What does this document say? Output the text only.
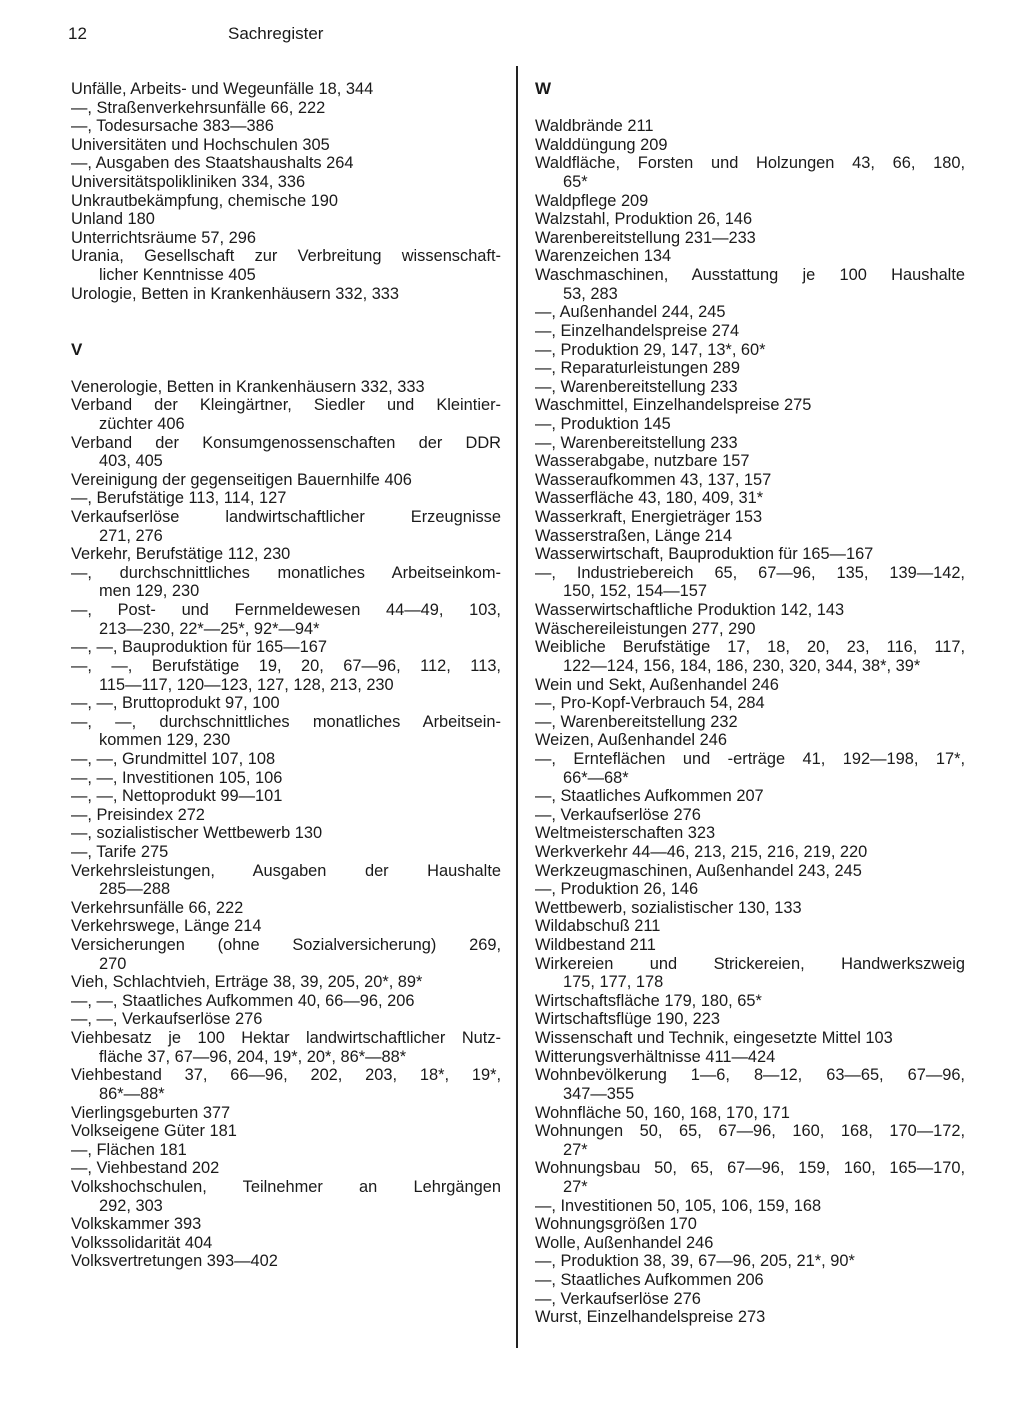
12	Sachregister
Unfälle, Arbeits- und Wegeunfälle 18, 344
—, Straßenverkehrsunfälle 66, 222
—, Todesursache 383—386
Universitäten und Hochschulen 305
—, Ausgaben des Staatshaushalts 264
Universitätspolikliniken 334, 336
Unkrautbekämpfung, chemische 190
Unland 180
Unterrichtsräume 57, 296
Urania, Gesellschaft zur Verbreitung wissenschaft-
licher Kenntnisse 405
Urologie, Betten in Krankenhäusern 332, 333
V
Venerologie, Betten in Krankenhäusern 332, 333
Verband der Kleingärtner, Siedler und Kleintier-
züchter 406
Verband der Konsumgenossenschaften der DDR
403, 405
Vereinigung der gegenseitigen Bauernhilfe 406
—, Berufstätige 113, 114, 127
Verkaufserlöse landwirtschaftlicher Erzeugnisse
271, 276
Verkehr, Berufstätige 112, 230
—, durchschnittliches monatliches Arbeitseinkom-
men 129, 230
—, Post- und Fernmeldewesen 44—49, 103,
213—230, 22*—25*, 92*—94*
—, —, Bauproduktion für 165—167
—, —, Berufstätige 19, 20, 67—96, 112, 113,
115—117, 120—123, 127, 128, 213, 230
—, —, Bruttoprodukt 97, 100
—, —, durchschnittliches monatliches Arbeitsein-
kommen 129, 230
—, —, Grundmittel 107, 108
—, —, Investitionen 105, 106
—, —, Nettoprodukt 99—101
—, Preisindex 272
—, sozialistischer Wettbewerb 130
—, Tarife 275
Verkehrsleistungen, Ausgaben der Haushalte
285—288
Verkehrsunfälle 66, 222
Verkehrswege, Länge 214
Versicherungen (ohne Sozialversicherung) 269,
270
Vieh, Schlachtvieh, Erträge 38, 39, 205, 20*, 89*
—, —, Staatliches Aufkommen 40, 66—96, 206
—, —, Verkaufserlöse 276
Viehbesatz je 100 Hektar landwirtschaftlicher Nutz-
fläche 37, 67—96, 204, 19*, 20*, 86*—88*
Viehbestand 37, 66—96, 202, 203, 18*, 19*,
86*—88*
Vierlingsgeburten 377
Volkseigene Güter 181
—, Flächen 181
—, Viehbestand 202
Volkshochschulen, Teilnehmer an Lehrgängen
292, 303
Volkskammer 393
Volkssolidarität 404
Volksvertretungen 393—402
W
Waldbrände 211
Walddüngung 209
Waldfläche, Forsten und Holzungen 43, 66, 180,
65*
Waldpflege 209
Walzstahl, Produktion 26, 146
Warenbereitstellung 231—233
Warenzeichen 134
Waschmaschinen, Ausstattung je 100 Haushalte
53, 283
—, Außenhandel 244, 245
—, Einzelhandelspreise 274
—, Produktion 29, 147, 13*, 60*
—, Reparaturleistungen 289
—, Warenbereitstellung 233
Waschmittel, Einzelhandelspreise 275
—, Produktion 145
—, Warenbereitstellung 233
Wasserabgabe, nutzbare 157
Wasseraufkommen 43, 137, 157
Wasserfläche 43, 180, 409, 31*
Wasserkraft, Energieträger 153
Wasserstraßen, Länge 214
Wasserwirtschaft, Bauproduktion für 165—167
—, Industriebereich 65, 67—96, 135, 139—142,
150, 152, 154—157
Wasserwirtschaftliche Produktion 142, 143
Wäschereileistungen 277, 290
Weibliche Berufstätige 17, 18, 20, 23, 116, 117,
122—124, 156, 184, 186, 230, 320, 344, 38*, 39*
Wein und Sekt, Außenhandel 246
—, Pro-Kopf-Verbrauch 54, 284
—, Warenbereitstellung 232
Weizen, Außenhandel 246
—, Ernteflächen und -erträge 41, 192—198, 17*,
66*—68*
—, Staatliches Aufkommen 207
—, Verkaufserlöse 276
Weltmeisterschaften 323
Werkverkehr 44—46, 213, 215, 216, 219, 220
Werkzeugmaschinen, Außenhandel 243, 245
—, Produktion 26, 146
Wettbewerb, sozialistischer 130, 133
Wildabschuß 211
Wildbestand 211
Wirkereien und Strickereien, Handwerkszweig
175, 177, 178
Wirtschaftsfläche 179, 180, 65*
Wirtschaftsflüge 190, 223
Wissenschaft und Technik, eingesetzte Mittel 103
Witterungsverhältnisse 411—424
Wohnbevölkerung 1—6, 8—12, 63—65, 67—96,
347—355
Wohnfläche 50, 160, 168, 170, 171
Wohnungen 50, 65, 67—96, 160, 168, 170—172,
27*
Wohnungsbau 50, 65, 67—96, 159, 160, 165—170,
27*
—, Investitionen 50, 105, 106, 159, 168
Wohnungsgrößen 170
Wolle, Außenhandel 246
—, Produktion 38, 39, 67—96, 205, 21*, 90*
—, Staatliches Aufkommen 206
—, Verkaufserlöse 276
Wurst, Einzelhandelspreise 273
